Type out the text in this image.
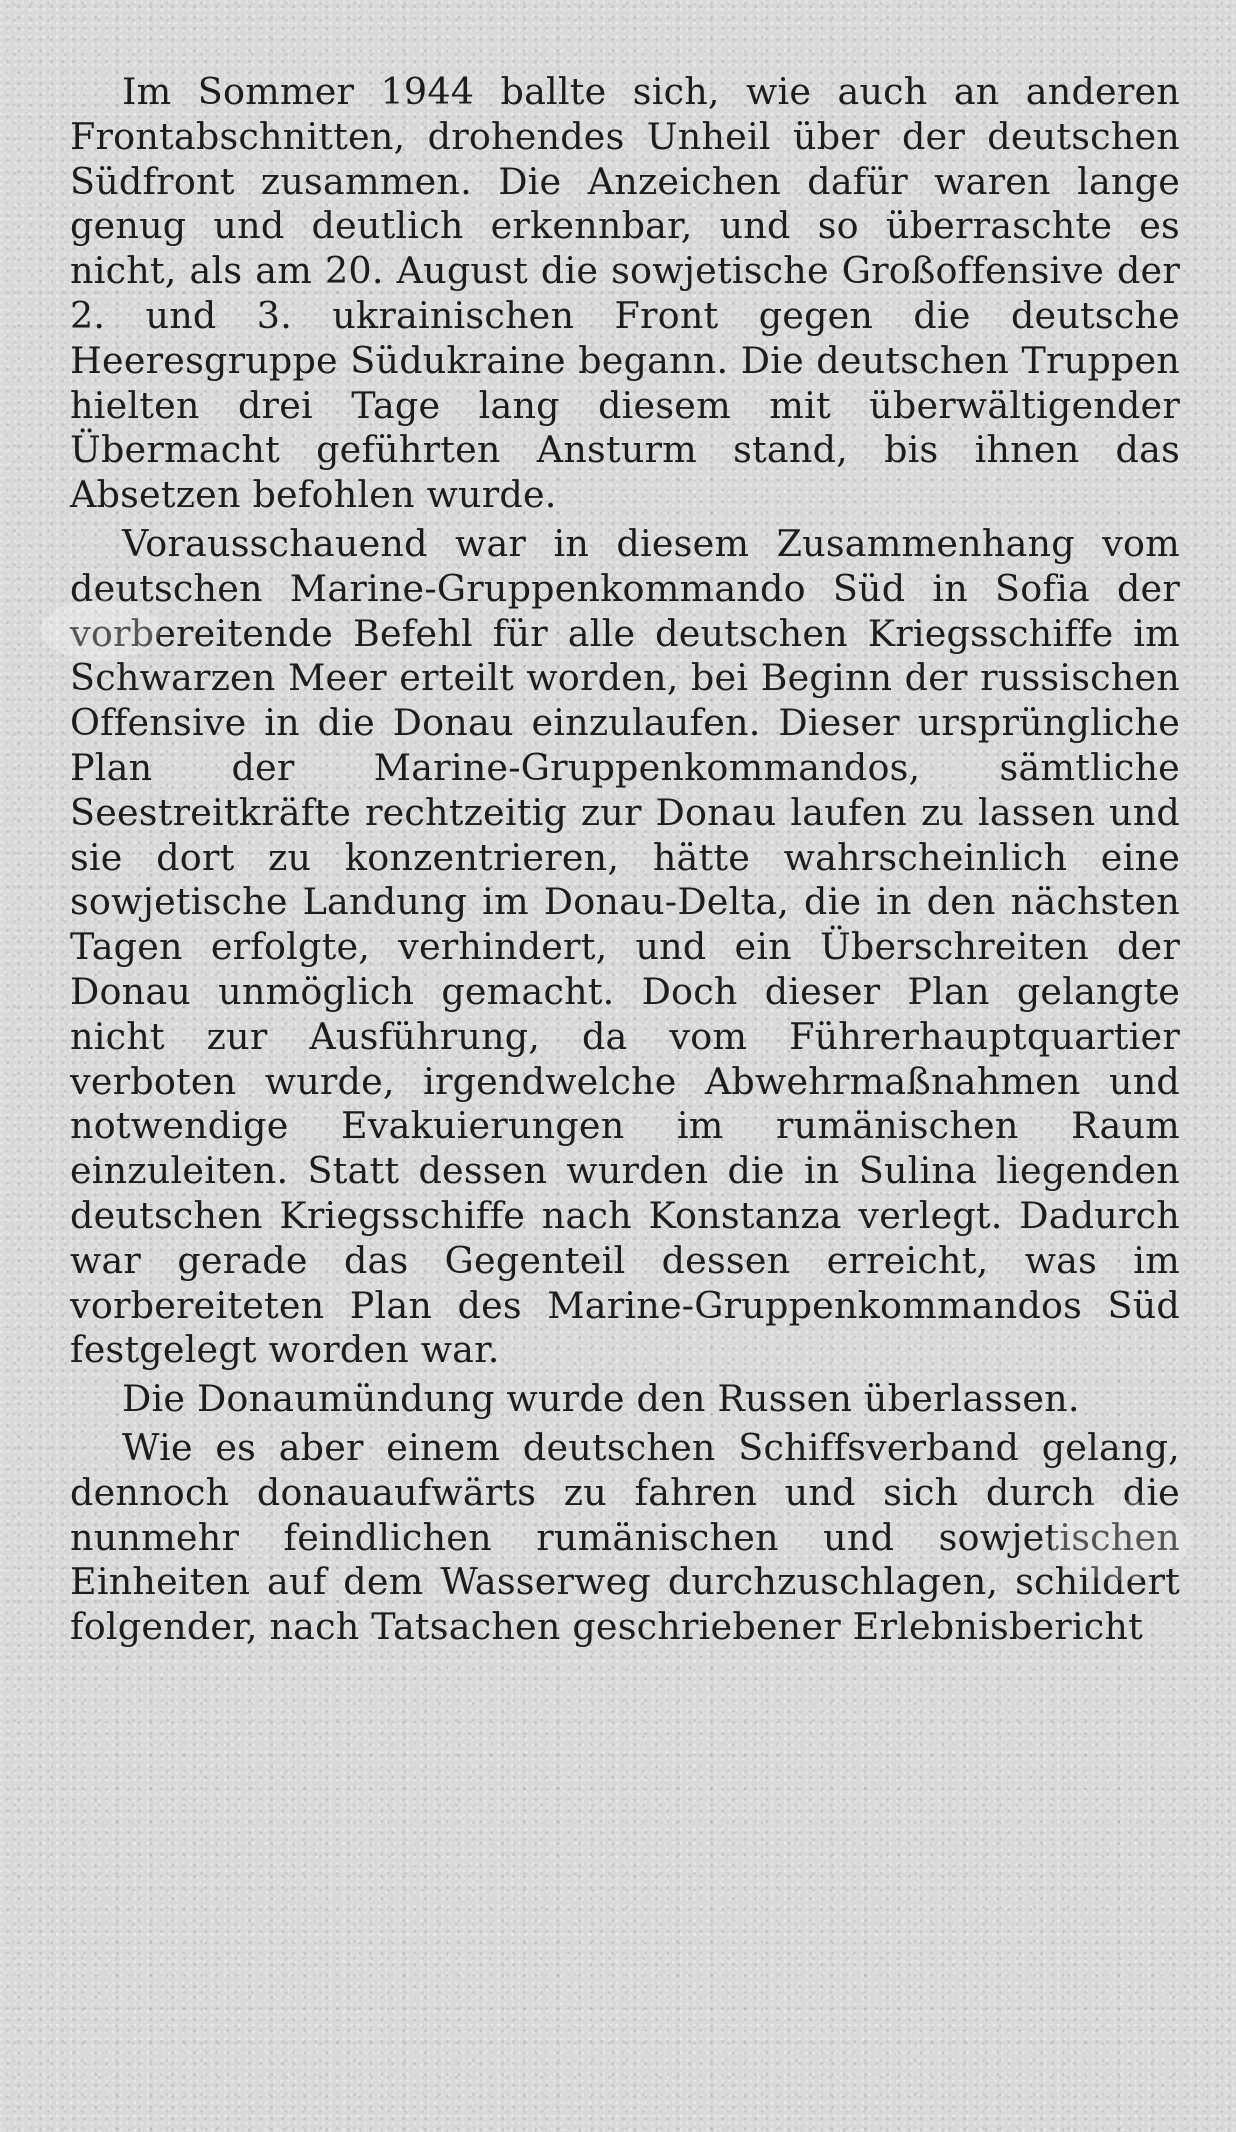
Im Sommer 1944 ballte sich, wie auch an anderen Frontabschnitten, drohendes Unheil über der deutschen Südfront zusammen. Die Anzeichen dafür waren lange genug und deutlich erkennbar, und so überraschte es nicht, als am 20. August die sowjetische Großoffensive der 2. und 3. ukrainischen Front gegen die deutsche Heeresgruppe Südukraine begann. Die deutschen Truppen hielten drei Tage lang diesem mit überwältigender Übermacht geführten Ansturm stand, bis ihnen das Absetzen befohlen wurde.

Vorausschauend war in diesem Zusammenhang vom deutschen Marine-Gruppenkommando Süd in Sofia der vorbereitende Befehl für alle deutschen Kriegsschiffe im Schwarzen Meer erteilt worden, bei Beginn der russischen Offensive in die Donau einzulaufen. Dieser ursprüngliche Plan der Marine-Gruppenkommandos, sämtliche Seestreitkräfte rechtzeitig zur Donau laufen zu lassen und sie dort zu konzentrieren, hätte wahrscheinlich eine sowjetische Landung im Donau-Delta, die in den nächsten Tagen erfolgte, verhindert, und ein Überschreiten der Donau unmöglich gemacht. Doch dieser Plan gelangte nicht zur Ausführung, da vom Führerhauptquartier verboten wurde, irgendwelche Abwehrmaßnahmen und notwendige Evakuierungen im rumänischen Raum einzuleiten. Statt dessen wurden die in Sulina liegenden deutschen Kriegsschiffe nach Konstanza verlegt. Dadurch war gerade das Gegenteil dessen erreicht, was im vorbereiteten Plan des Marine-Gruppenkommandos Süd festgelegt worden war.

Die Donaumündung wurde den Russen überlassen.

Wie es aber einem deutschen Schiffsverband gelang, dennoch donauaufwärts zu fahren und sich durch die nunmehr feindlichen rumänischen und sowjetischen Einheiten auf dem Wasserweg durchzuschlagen, schildert folgender, nach Tatsachen geschriebener Erlebnisbericht
